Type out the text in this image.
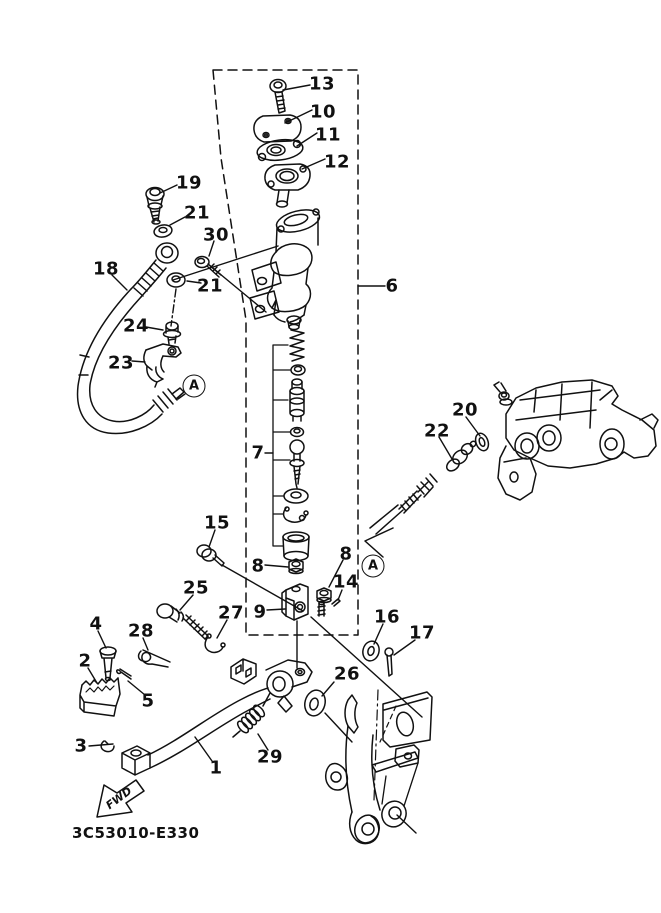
FWD
13
10
11
12
6
19
21
30
18
21
24
23
7
20
22
15
8
8
9
14
25
27
28
4
2
5
3
1
29
26
16
17
A
A
3C53010-E330
